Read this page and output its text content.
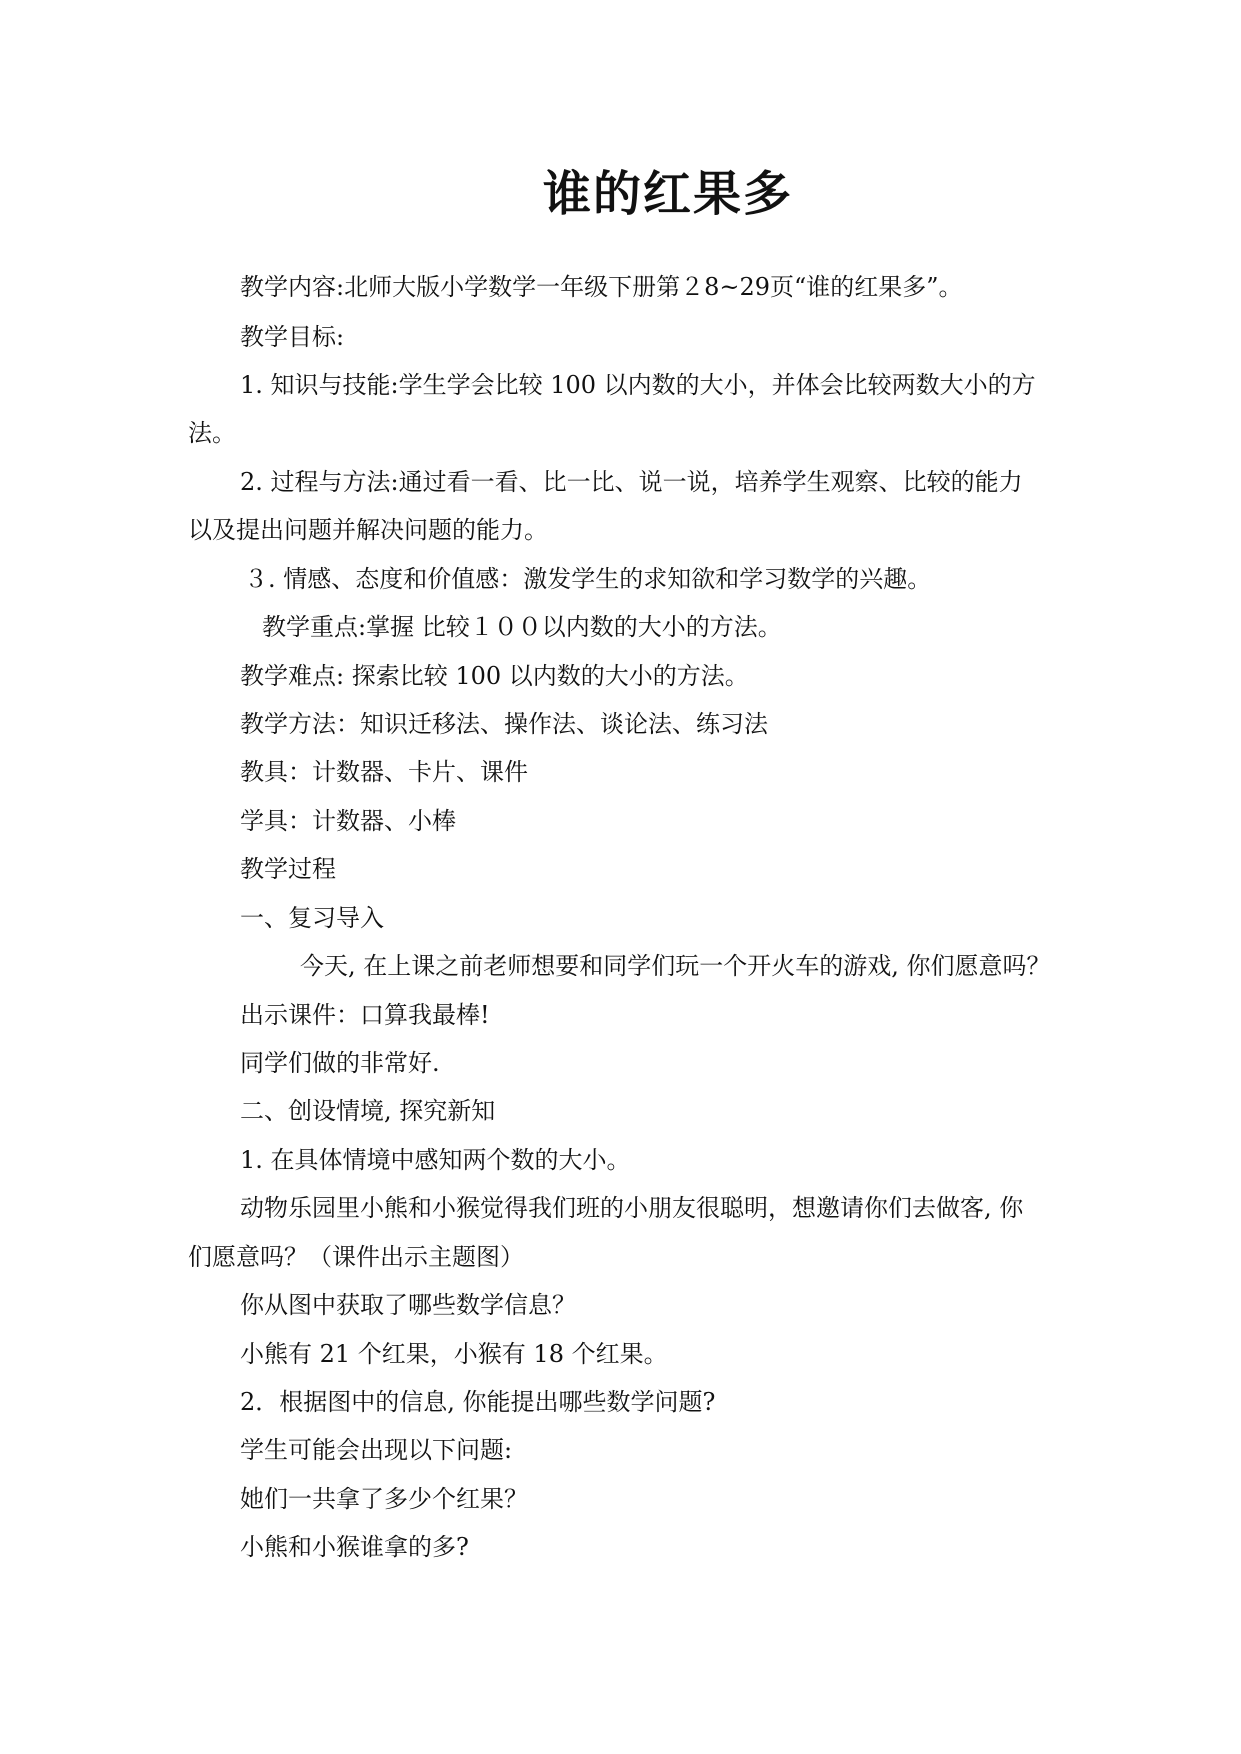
谁的红果多
教学内容:北师大版小学数学一年级下册第２8~29页“谁的红果多”。
教学目标:
1. 知识与技能:学生学会比较 100 以内数的大小，并体会比较两数大小的方
法。
2. 过程与方法:通过看一看、比一比、说一说，培养学生观察、比较的能力
以及提出问题并解决问题的能力。
３. 情感、态度和价值感：激发学生的求知欲和学习数学的兴趣。
教学重点:掌握 比较１００以内数的大小的方法。
教学难点: 探索比较 100 以内数的大小的方法。
教学方法：知识迁移法、操作法、谈论法、练习法
教具：计数器、卡片、课件
学具：计数器、小棒
教学过程
一、复习导入
今天, 在上课之前老师想要和同学们玩一个开火车的游戏, 你们愿意吗？
出示课件：口算我最棒!
同学们做的非常好.
二、创设情境, 探究新知
1. 在具体情境中感知两个数的大小。
动物乐园里小熊和小猴觉得我们班的小朋友很聪明，想邀请你们去做客, 你
们愿意吗？（课件出示主题图）
你从图中获取了哪些数学信息？
小熊有 21 个红果，小猴有 18 个红果。
2．根据图中的信息, 你能提出哪些数学问题?
学生可能会出现以下问题:
她们一共拿了多少个红果？
小熊和小猴谁拿的多?
